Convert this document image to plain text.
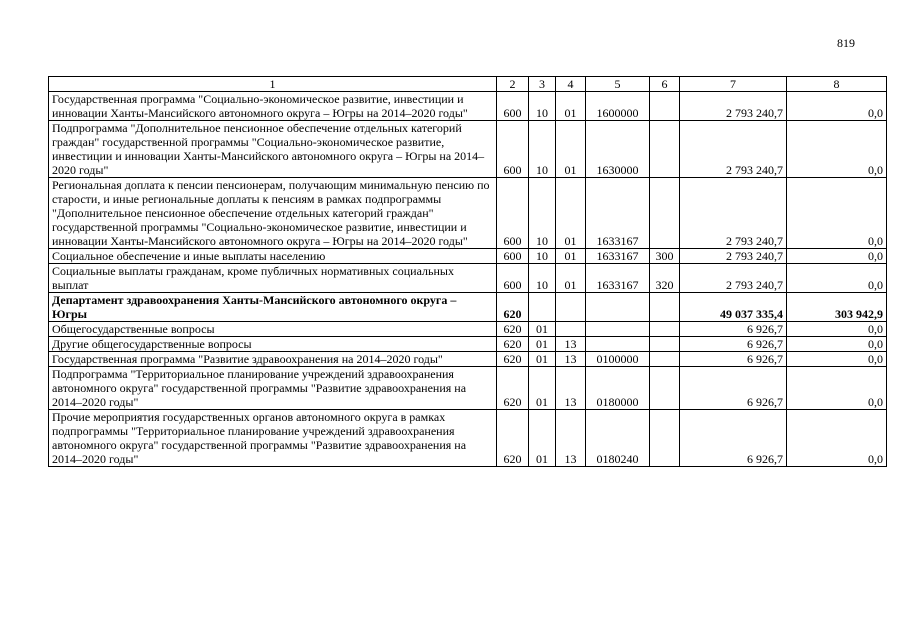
819
1	2	3	4	5	6	7	8
Государственная программа "Социально-экономическое развитие, инвестиции и инновации Ханты-Мансийского автономного округа – Югры на 2014–2020 годы"	600	10	01	1600000		2 793 240,7	0,0
Подпрограмма "Дополнительное пенсионное обеспечение отдельных категорий граждан" государственной программы "Социально-экономическое развитие, инвестиции и инновации Ханты-Мансийского автономного округа – Югры на 2014–2020 годы"	600	10	01	1630000		2 793 240,7	0,0
Региональная доплата к пенсии пенсионерам, получающим минимальную пенсию по старости, и иные региональные доплаты к пенсиям в рамках подпрограммы "Дополнительное пенсионное обеспечение отдельных категорий граждан" государственной программы "Социально-экономическое развитие, инвестиции и инновации Ханты-Мансийского автономного округа – Югры на 2014–2020 годы"	600	10	01	1633167		2 793 240,7	0,0
Социальное обеспечение и иные выплаты населению	600	10	01	1633167	300	2 793 240,7	0,0
Социальные выплаты гражданам, кроме публичных нормативных социальных выплат	600	10	01	1633167	320	2 793 240,7	0,0
Департамент здравоохранения Ханты-Мансийского автономного округа – Югры	620					49 037 335,4	303 942,9
Общегосударственные вопросы	620	01				6 926,7	0,0
Другие общегосударственные вопросы	620	01	13			6 926,7	0,0
Государственная программа "Развитие здравоохранения на 2014–2020 годы"	620	01	13	0100000		6 926,7	0,0
Подпрограмма "Территориальное планирование учреждений здравоохранения автономного округа" государственной программы "Развитие здравоохранения на 2014–2020 годы"	620	01	13	0180000		6 926,7	0,0
Прочие мероприятия государственных органов автономного округа в рамках подпрограммы "Территориальное планирование учреждений здравоохранения автономного округа" государственной программы "Развитие здравоохранения на 2014–2020 годы"	620	01	13	0180240		6 926,7	0,0
